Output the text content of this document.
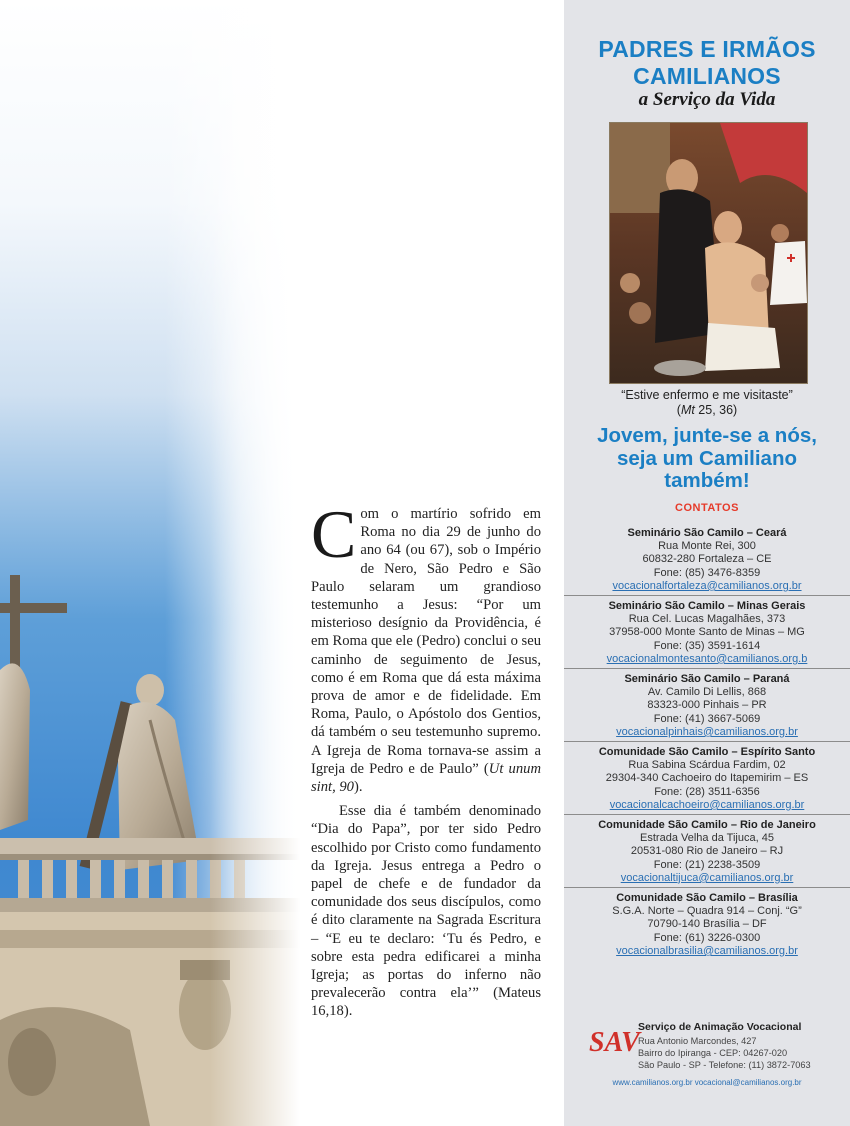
Com o martírio sofrido em Roma no dia 29 de junho do ano 64 (ou 67), sob o Império de Nero, São Pedro e São Paulo selaram um grandioso testemunho a Jesus: “Por um misterioso desígnio da Providência, é em Roma que ele (Pedro) conclui o seu caminho de seguimento de Jesus, como é em Roma que dá esta máxima prova de amor e de fidelidade. Em Roma, Paulo, o Apóstolo dos Gentios, dá também o seu testemunho supremo. A Igreja de Roma tornava-se assim a Igreja de Pedro e de Paulo” (Ut unum sint, 90).

Esse dia é também denominado “Dia do Papa”, por ter sido Pedro escolhido por Cristo como fundamento da Igreja. Jesus entrega a Pedro o papel de chefe e de fundador da comunidade dos seus discípulos, como é dito claramente na Sagrada Escritura – “E eu te declaro: ‘Tu és Pedro, e sobre esta pedra edificarei a minha Igreja; as portas do inferno não prevalecerão contra ela’” (Mateus 16,18).

PADRES E IRMÃOS
CAMILIANOS
a Serviço da Vida
“Estive enfermo e me visitaste”
(Mt 25, 36)
Jovem, junte-se a nós,
seja um Camiliano
também!
CONTATOS
Seminário São Camilo – Ceará
Rua Monte Rei, 300
60832-280 Fortaleza – CE
Fone: (85) 3476-8359
vocacionalfortaleza@camilianos.org.br
Seminário São Camilo – Minas Gerais
Rua Cel. Lucas Magalhães, 373
37958-000 Monte Santo de Minas – MG
Fone: (35) 3591-1614
vocacionalmontesanto@camilianos.org.b
Seminário São Camilo – Paraná
Av. Camilo Di Lellis, 868
83323-000 Pinhais – PR
Fone: (41) 3667-5069
vocacionalpinhais@camilianos.org.br
Comunidade São Camilo – Espírito Santo
Rua Sabina Scárdua Fardim, 02
29304-340 Cachoeiro do Itapemirim – ES
Fone: (28) 3511-6356
vocacionalcachoeiro@camilianos.org.br
Comunidade São Camilo – Rio de Janeiro
Estrada Velha da Tijuca, 45
20531-080 Rio de Janeiro – RJ
Fone: (21) 2238-3509
vocacionaltijuca@camilianos.org.br
Comunidade São Camilo – Brasília
S.G.A. Norte – Quadra 914 – Conj. “G”
70790-140 Brasília – DF
Fone: (61) 3226-0300
vocacionalbrasilia@camilianos.org.br
SAV
Serviço de Animação Vocacional
Rua Antonio Marcondes, 427
Bairro do Ipiranga - CEP: 04267-020
São Paulo - SP - Telefone: (11) 3872-7063
www.camilianos.org.br vocacional@camilianos.org.br
